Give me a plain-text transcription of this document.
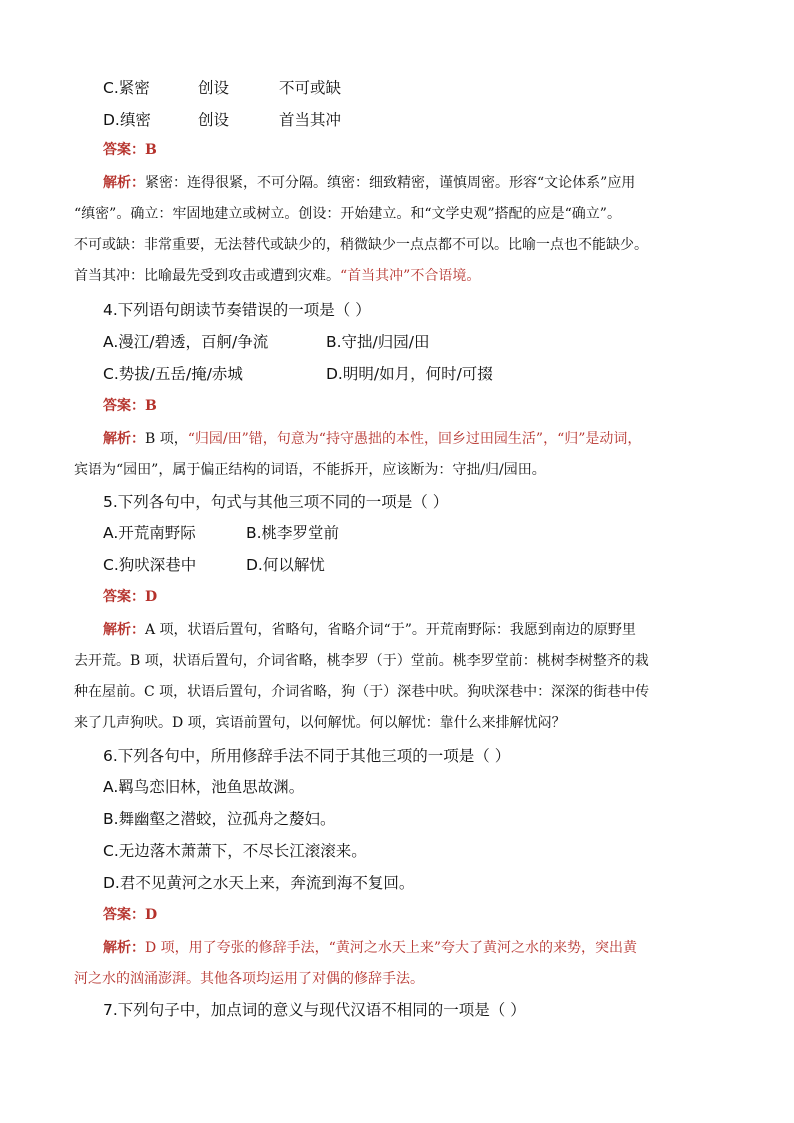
C.紧密	创设	不可或缺
D.缜密	创设	首当其冲
答案：B
解析：紧密：连得很紧，不可分隔。缜密：细致精密，谨慎周密。形容“文论体系”应用
“缜密”。确立：牢固地建立或树立。创设：开始建立。和“文学史观”搭配的应是“确立”。
不可或缺：非常重要，无法替代或缺少的，稍微缺少一点点都不可以。比喻一点也不能缺少。
首当其冲：比喻最先受到攻击或遭到灾难。“首当其冲”不合语境。
4.下列语句朗读节奏错误的一项是（ ）
A.漫江/碧透，百舸/争流	B.守拙/归园/田
C.势拔/五岳/掩/赤城	D.明明/如月，何时/可掇
答案：B
解析：B 项，“归园/田”错，句意为“持守愚拙的本性，回乡过田园生活”，“归”是动词，
宾语为“园田”，属于偏正结构的词语，不能拆开，应该断为：守拙/归/园田。
5.下列各句中，句式与其他三项不同的一项是（ ）
A.开荒南野际	B.桃李罗堂前
C.狗吠深巷中	D.何以解忧
答案：D
解析：A 项，状语后置句，省略句，省略介词“于”。开荒南野际：我愿到南边的原野里
去开荒。B 项，状语后置句，介词省略，桃李罗（于）堂前。桃李罗堂前：桃树李树整齐的栽
种在屋前。C 项，状语后置句，介词省略，狗（于）深巷中吠。狗吠深巷中：深深的街巷中传
来了几声狗吠。D 项，宾语前置句，以何解忧。何以解忧：靠什么来排解忧闷？
6.下列各句中，所用修辞手法不同于其他三项的一项是（ ）
A.羁鸟恋旧林，池鱼思故渊。
B.舞幽壑之潜蛟，泣孤舟之嫠妇。
C.无边落木萧萧下，不尽长江滚滚来。
D.君不见黄河之水天上来，奔流到海不复回。
答案：D
解析：D 项，用了夸张的修辞手法，“黄河之水天上来”夸大了黄河之水的来势，突出黄
河之水的汹涌澎湃。其他各项均运用了对偶的修辞手法。
7.下列句子中，加点词的意义与现代汉语不相同的一项是（ ）
